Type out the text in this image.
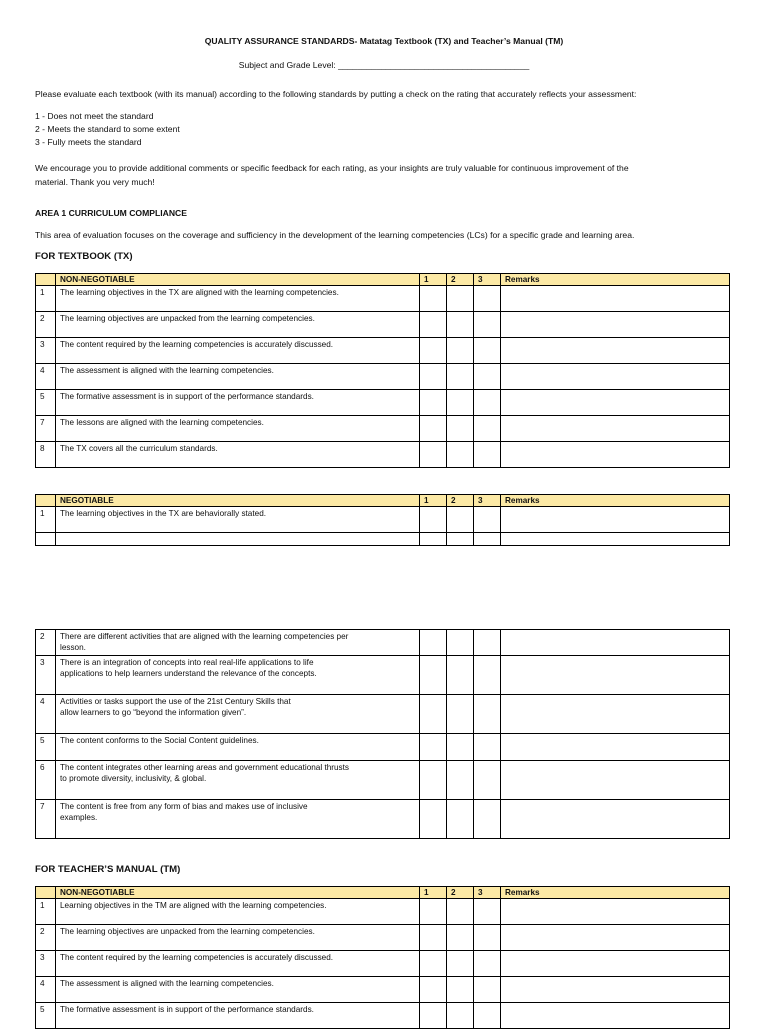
QUALITY ASSURANCE STANDARDS- Matatag Textbook (TX) and Teacher’s Manual (TM)
Subject and Grade Level: ________________________________________
Please evaluate each textbook (with its manual) according to the following standards by putting a check on the rating that accurately reflects your assessment:
1 - Does not meet the standard
2 - Meets the standard to some extent
3 - Fully meets the standard
We encourage you to provide additional comments or specific feedback for each rating, as your insights are truly valuable for continuous improvement of the
material. Thank you very much!
AREA 1 CURRICULUM COMPLIANCE
This area of evaluation focuses on the coverage and sufficiency in the development of the learning competencies (LCs) for a specific grade and learning area.
FOR TEXTBOOK (TX)
	NON-NEGOTIABLE	1	2	3	Remarks
1	The learning objectives in the TX are aligned with the learning competencies.				
2	The learning objectives are unpacked from the learning competencies.				
3	The content required by the learning competencies is accurately discussed.				
4	The assessment is aligned with the learning competencies.				
5	The formative assessment is in support of the performance standards.				
7	The lessons are aligned with the learning competencies.				
8	The TX covers all the curriculum standards.				
	NEGOTIABLE	1	2	3	Remarks
1	The learning objectives in the TX are behaviorally stated.				

2	There are different activities that are aligned with the learning competencies per
lesson.				
3	There is an integration of concepts into real real-life applications to life
applications to help learners understand the relevance of the concepts.				
4	Activities or tasks support the use of the 21st Century Skills that
allow learners to go “beyond the information given”.				
5	The content conforms to the Social Content guidelines.				
6	The content integrates other learning areas and government educational thrusts
to promote diversity, inclusivity, & global.				
7	The content is free from any form of bias and makes use of inclusive
examples.				
FOR TEACHER’S MANUAL (TM)
	NON-NEGOTIABLE	1	2	3	Remarks
1	Learning objectives in the TM are aligned with the learning competencies.				
2	The learning objectives are unpacked from the learning competencies.				
3	The content required by the learning competencies is accurately discussed.				
4	The assessment is aligned with the learning competencies.				
5	The formative assessment is in support of the performance standards.				
